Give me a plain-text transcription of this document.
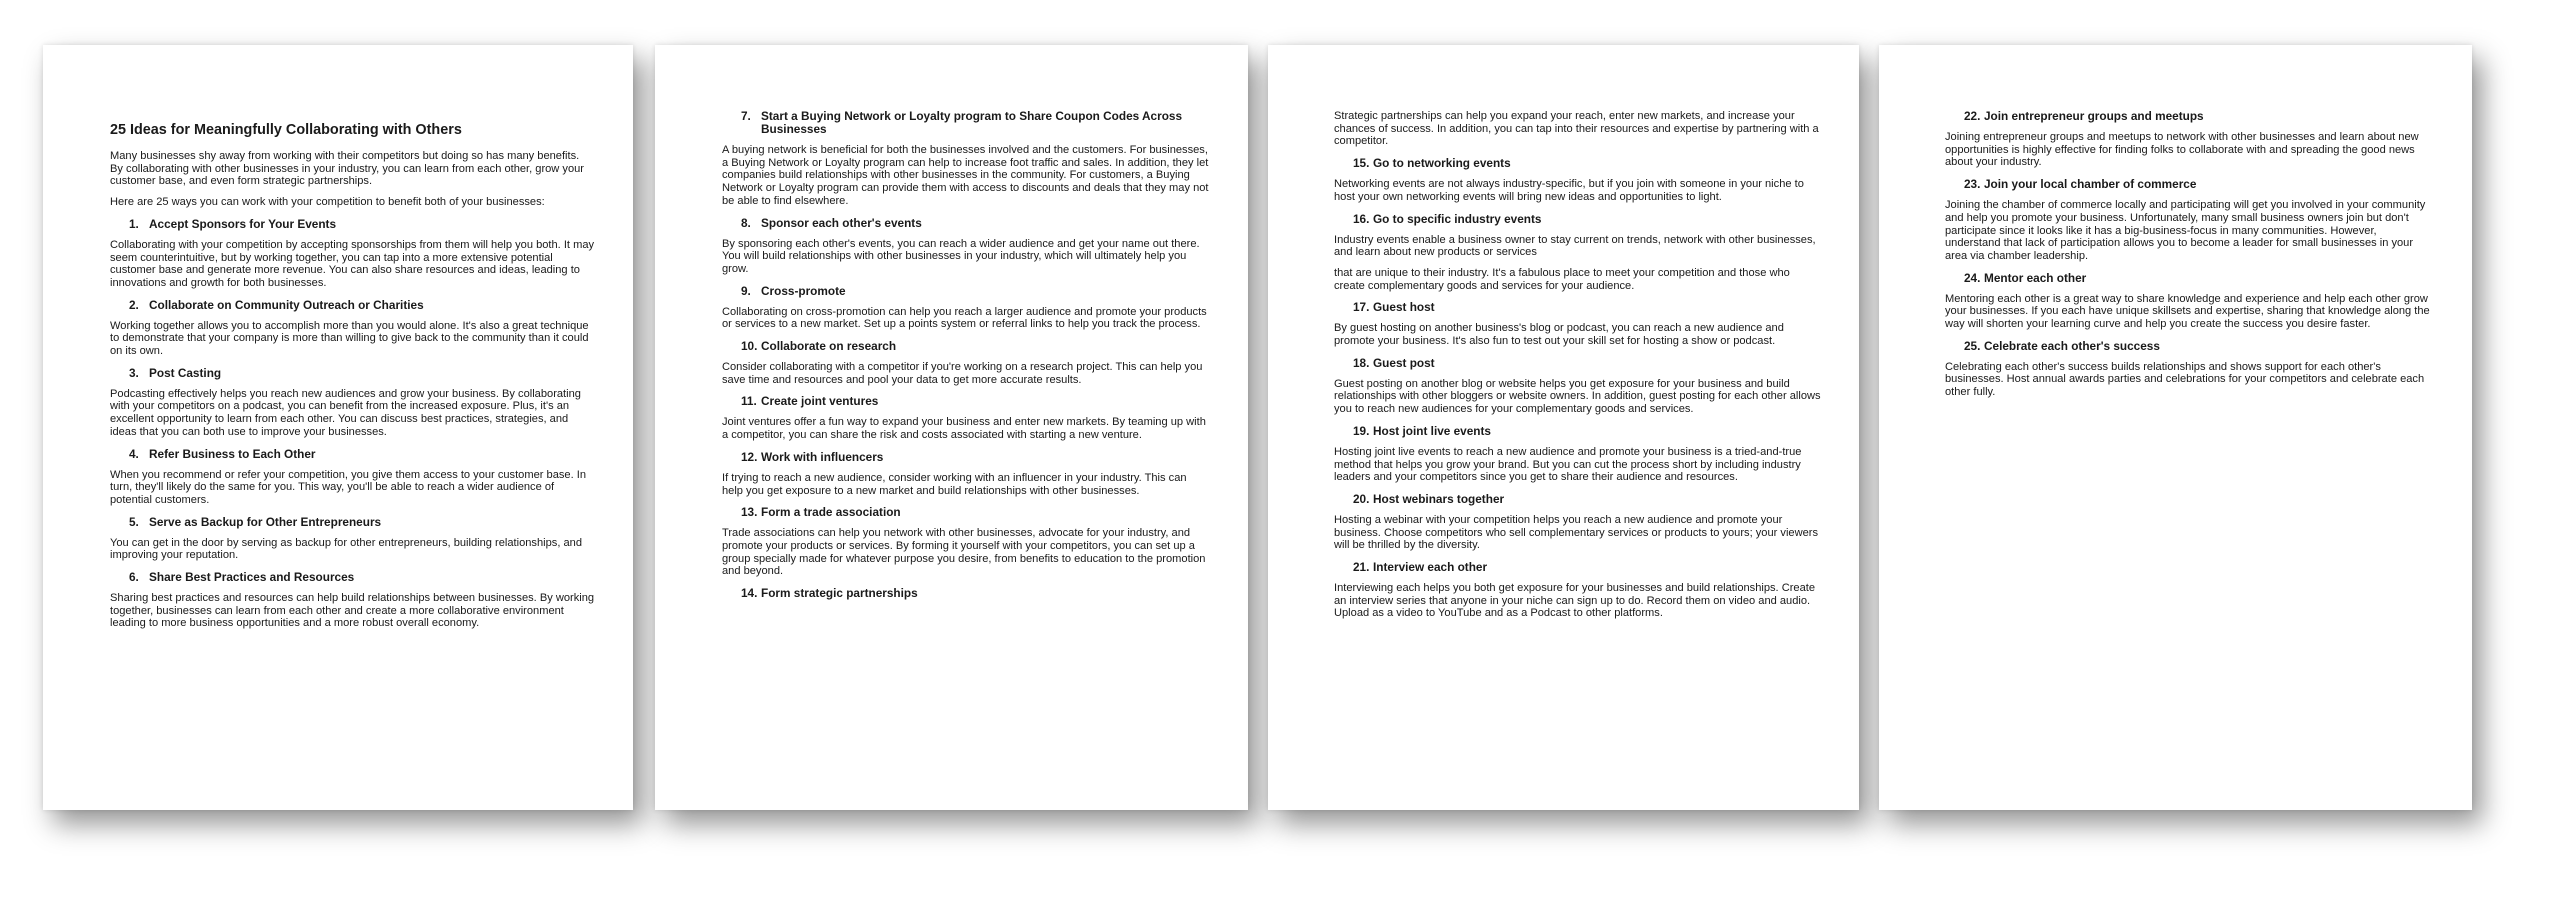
25 Ideas for Meaningfully Collaborating with Others

Many businesses shy away from working with their competitors but doing so has many benefits. By collaborating with other businesses in your industry, you can learn from each other, grow your customer base, and even form strategic partnerships.

Here are 25 ways you can work with your competition to benefit both of your businesses:

1. Accept Sponsors for Your Events

Collaborating with your competition by accepting sponsorships from them will help you both. It may seem counterintuitive, but by working together, you can tap into a more extensive potential customer base and generate more revenue. You can also share resources and ideas, leading to innovations and growth for both businesses.

2. Collaborate on Community Outreach or Charities

Working together allows you to accomplish more than you would alone. It's also a great technique to demonstrate that your company is more than willing to give back to the community than it could on its own.

3. Post Casting

Podcasting effectively helps you reach new audiences and grow your business. By collaborating with your competitors on a podcast, you can benefit from the increased exposure. Plus, it's an excellent opportunity to learn from each other. You can discuss best practices, strategies, and ideas that you can both use to improve your businesses.

4. Refer Business to Each Other

When you recommend or refer your competition, you give them access to your customer base. In turn, they'll likely do the same for you. This way, you'll be able to reach a wider audience of potential customers.

5. Serve as Backup for Other Entrepreneurs

You can get in the door by serving as backup for other entrepreneurs, building relationships, and improving your reputation.

6. Share Best Practices and Resources

Sharing best practices and resources can help build relationships between businesses. By working together, businesses can learn from each other and create a more collaborative environment leading to more business opportunities and a more robust overall economy.

7. Start a Buying Network or Loyalty program to Share Coupon Codes Across Businesses

A buying network is beneficial for both the businesses involved and the customers. For businesses, a Buying Network or Loyalty program can help to increase foot traffic and sales. In addition, they let companies build relationships with other businesses in the community. For customers, a Buying Network or Loyalty program can provide them with access to discounts and deals that they may not be able to find elsewhere.

8. Sponsor each other's events

By sponsoring each other's events, you can reach a wider audience and get your name out there. You will build relationships with other businesses in your industry, which will ultimately help you grow.

9. Cross-promote

Collaborating on cross-promotion can help you reach a larger audience and promote your products or services to a new market. Set up a points system or referral links to help you track the process.

10. Collaborate on research

Consider collaborating with a competitor if you're working on a research project. This can help you save time and resources and pool your data to get more accurate results.

11. Create joint ventures

Joint ventures offer a fun way to expand your business and enter new markets. By teaming up with a competitor, you can share the risk and costs associated with starting a new venture.

12. Work with influencers

If trying to reach a new audience, consider working with an influencer in your industry. This can help you get exposure to a new market and build relationships with other businesses.

13. Form a trade association

Trade associations can help you network with other businesses, advocate for your industry, and promote your products or services. By forming it yourself with your competitors, you can set up a group specially made for whatever purpose you desire, from benefits to education to the promotion and beyond.

14. Form strategic partnerships

Strategic partnerships can help you expand your reach, enter new markets, and increase your chances of success. In addition, you can tap into their resources and expertise by partnering with a competitor.

15. Go to networking events

Networking events are not always industry-specific, but if you join with someone in your niche to host your own networking events will bring new ideas and opportunities to light.

16. Go to specific industry events

Industry events enable a business owner to stay current on trends, network with other businesses, and learn about new products or services

that are unique to their industry. It's a fabulous place to meet your competition and those who create complementary goods and services for your audience.

17. Guest host

By guest hosting on another business's blog or podcast, you can reach a new audience and promote your business. It's also fun to test out your skill set for hosting a show or podcast.

18. Guest post

Guest posting on another blog or website helps you get exposure for your business and build relationships with other bloggers or website owners. In addition, guest posting for each other allows you to reach new audiences for your complementary goods and services.

19. Host joint live events

Hosting joint live events to reach a new audience and promote your business is a tried-and-true method that helps you grow your brand. But you can cut the process short by including industry leaders and your competitors since you get to share their audience and resources.

20. Host webinars together

Hosting a webinar with your competition helps you reach a new audience and promote your business. Choose competitors who sell complementary services or products to yours; your viewers will be thrilled by the diversity.

21. Interview each other

Interviewing each helps you both get exposure for your businesses and build relationships. Create an interview series that anyone in your niche can sign up to do. Record them on video and audio. Upload as a video to YouTube and as a Podcast to other platforms.

22. Join entrepreneur groups and meetups

Joining entrepreneur groups and meetups to network with other businesses and learn about new opportunities is highly effective for finding folks to collaborate with and spreading the good news about your industry.

23. Join your local chamber of commerce

Joining the chamber of commerce locally and participating will get you involved in your community and help you promote your business. Unfortunately, many small business owners join but don't participate since it looks like it has a big-business-focus in many communities. However, understand that lack of participation allows you to become a leader for small businesses in your area via chamber leadership.

24. Mentor each other

Mentoring each other is a great way to share knowledge and experience and help each other grow your businesses. If you each have unique skillsets and expertise, sharing that knowledge along the way will shorten your learning curve and help you create the success you desire faster.

25. Celebrate each other's success

Celebrating each other's success builds relationships and shows support for each other's businesses. Host annual awards parties and celebrations for your competitors and celebrate each other fully.
